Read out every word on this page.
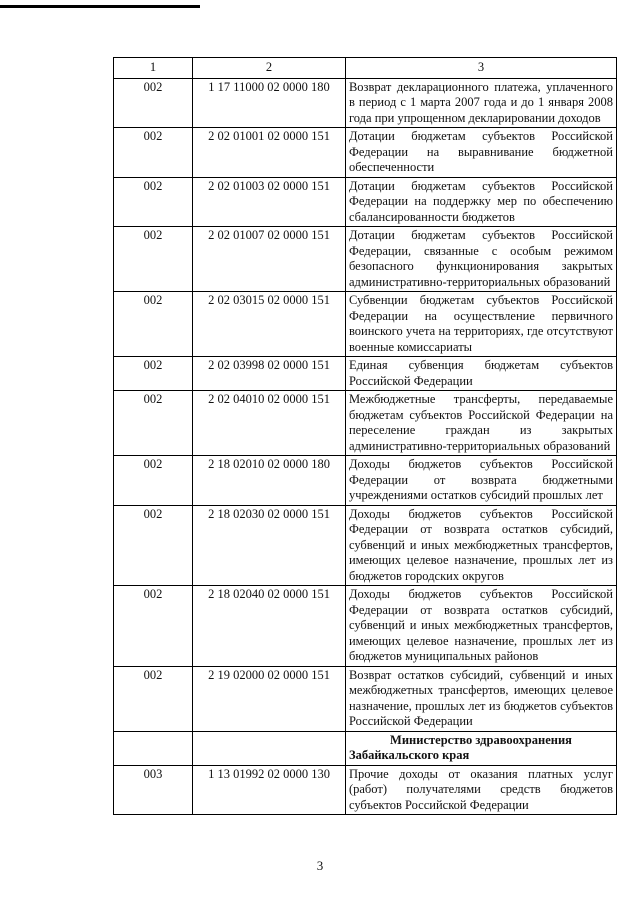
1	2	3
002	1 17 11000 02 0000 180	Возврат декларационного платежа, уплаченного в период с 1 марта 2007 года и до 1 января 2008 года при упрощенном декларировании доходов
002	2 02 01001 02 0000 151	Дотации бюджетам субъектов Российской Федерации на выравнивание бюджетной обеспеченности
002	2 02 01003 02 0000 151	Дотации бюджетам субъектов Российской Федерации на поддержку мер по обеспечению сбалансированности бюджетов
002	2 02 01007 02 0000 151	Дотации бюджетам субъектов Российской Федерации, связанные с особым режимом безопасного функционирования закрытых административно-территориальных образований
002	2 02 03015 02 0000 151	Субвенции бюджетам субъектов Российской Федерации на осуществление первичного воинского учета на территориях, где отсутствуют военные комиссариаты
002	2 02 03998 02 0000 151	Единая субвенция бюджетам субъектов Российской Федерации
002	2 02 04010 02 0000 151	Межбюджетные трансферты, передаваемые бюджетам субъектов Российской Федерации на переселение граждан из закрытых административно-территориальных образований
002	2 18 02010 02 0000 180	Доходы бюджетов субъектов Российской Федерации от возврата бюджетными учреждениями остатков субсидий прошлых лет
002	2 18 02030 02 0000 151	Доходы бюджетов субъектов Российской Федерации от возврата остатков субсидий, субвенций и иных межбюджетных трансфертов, имеющих целевое назначение, прошлых лет из бюджетов городских округов
002	2 18 02040 02 0000 151	Доходы бюджетов субъектов Российской Федерации от возврата остатков субсидий, субвенций и иных межбюджетных трансфертов, имеющих целевое назначение, прошлых лет из бюджетов муниципальных районов
002	2 19 02000 02 0000 151	Возврат остатков субсидий, субвенций и иных межбюджетных трансфертов, имеющих целевое назначение, прошлых лет из бюджетов субъектов Российской Федерации
		Министерство здравоохранения Забайкальского края
003	1 13 01992 02 0000 130	Прочие доходы от оказания платных услуг (работ) получателями средств бюджетов субъектов Российской Федерации
3
